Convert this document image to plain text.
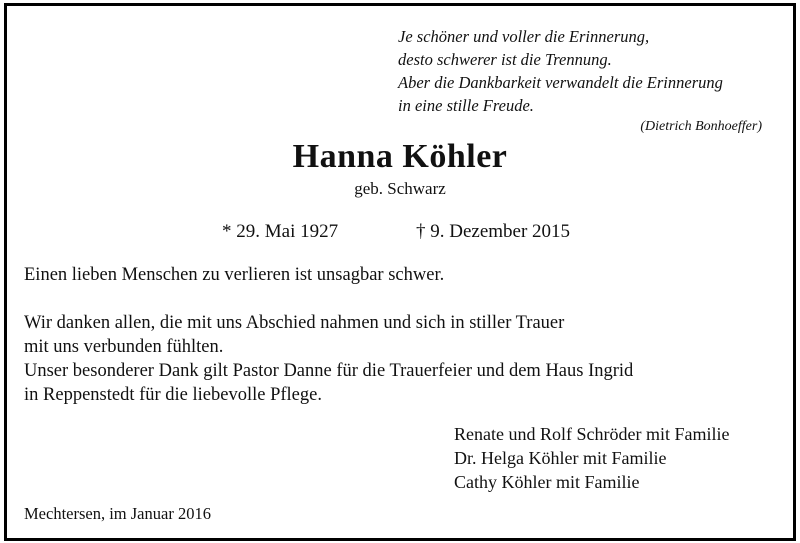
Je schöner und voller die Erinnerung,
desto schwerer ist die Trennung.
Aber die Dankbarkeit verwandelt die Erinnerung
in eine stille Freude.
(Dietrich Bonhoeffer)
Hanna Köhler
geb. Schwarz
* 29. Mai 1927	† 9. Dezember 2015
Einen lieben Menschen zu verlieren ist unsagbar schwer.
Wir danken allen, die mit uns Abschied nahmen und sich in stiller Trauer
mit uns verbunden fühlten.
Unser besonderer Dank gilt Pastor Danne für die Trauerfeier und dem Haus Ingrid
in Reppenstedt für die liebevolle Pflege.
Renate und Rolf Schröder mit Familie
Dr. Helga Köhler mit Familie
Cathy Köhler mit Familie
Mechtersen, im Januar 2016
